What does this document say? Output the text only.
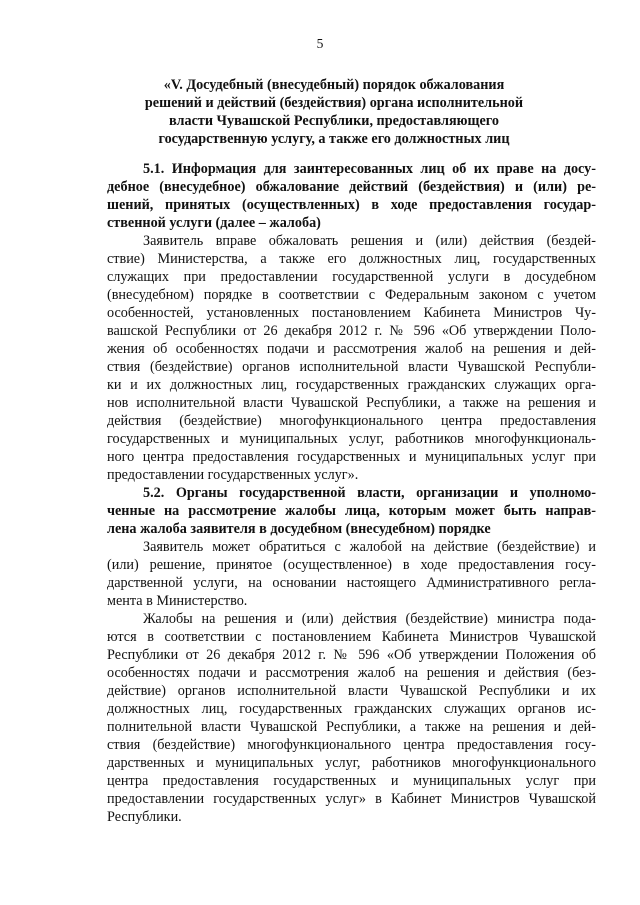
5
«V. Досудебный (внесудебный) порядок обжалования
решений и действий (бездействия) органа исполнительной
власти Чувашской Республики, предоставляющего
государственную услугу, а также его должностных лиц
5.1. Информация для заинтересованных лиц об их праве на досу-
дебное (внесудебное) обжалование действий (бездействия) и (или) ре-
шений, принятых (осуществленных) в ходе предоставления государ-
ственной услуги (далее – жалоба)
Заявитель вправе обжаловать решения и (или) действия (бездей-
ствие) Министерства, а также его должностных лиц, государственных
служащих при предоставлении государственной услуги в досудебном
(внесудебном) порядке в соответствии с Федеральным законом с учетом
особенностей, установленных постановлением Кабинета Министров Чу-
вашской Республики от 26 декабря 2012 г. № 596 «Об утверждении Поло-
жения об особенностях подачи и рассмотрения жалоб на решения и дей-
ствия (бездействие) органов исполнительной власти Чувашской Республи-
ки и их должностных лиц, государственных гражданских служащих орга-
нов исполнительной власти Чувашской Республики, а также на решения и
действия (бездействие) многофункционального центра предоставления
государственных и муниципальных услуг, работников многофункциональ-
ного центра предоставления государственных и муниципальных услуг при
предоставлении государственных услуг».
5.2. Органы государственной власти, организации и уполномо-
ченные на рассмотрение жалобы лица, которым может быть направ-
лена жалоба заявителя в досудебном (внесудебном) порядке
Заявитель может обратиться с жалобой на действие (бездействие) и
(или) решение, принятое (осуществленное) в ходе предоставления госу-
дарственной услуги, на основании настоящего Административного регла-
мента в Министерство.
Жалобы на решения и (или) действия (бездействие) министра пода-
ются в соответствии с постановлением Кабинета Министров Чувашской
Республики от 26 декабря 2012 г. № 596 «Об утверждении Положения об
особенностях подачи и рассмотрения жалоб на решения и действия (без-
действие) органов исполнительной власти Чувашской Республики и их
должностных лиц, государственных гражданских служащих органов ис-
полнительной власти Чувашской Республики, а также на решения и дей-
ствия (бездействие) многофункционального центра предоставления госу-
дарственных и муниципальных услуг, работников многофункционального
центра предоставления государственных и муниципальных услуг при
предоставлении государственных услуг» в Кабинет Министров Чувашской
Республики.
